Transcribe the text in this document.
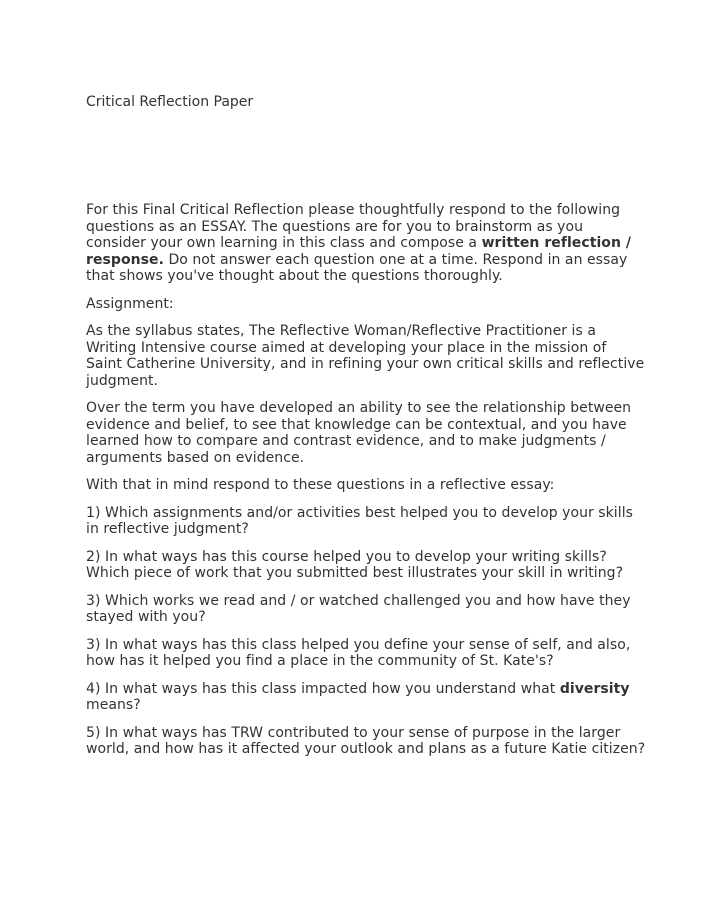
Critical Reflection Paper

For this Final Critical Reflection please thoughtfully respond to the following questions as an ESSAY. The questions are for you to brainstorm as you consider your own learning in this class and compose a written reflection / response. Do not answer each question one at a time. Respond in an essay that shows you've thought about the questions thoroughly.

Assignment:

As the syllabus states, The Reflective Woman/Reflective Practitioner is a Writing Intensive course aimed at developing your place in the mission of Saint Catherine University, and in refining your own critical skills and reflective judgment.

Over the term you have developed an ability to see the relationship between evidence and belief, to see that knowledge can be contextual, and you have learned how to compare and contrast evidence, and to make judgments / arguments based on evidence.

With that in mind respond to these questions in a reflective essay:

1) Which assignments and/or activities best helped you to develop your skills in reflective judgment?

2) In what ways has this course helped you to develop your writing skills? Which piece of work that you submitted best illustrates your skill in writing?

3) Which works we read and / or watched challenged you and how have they stayed with you?

3) In what ways has this class helped you define your sense of self, and also, how has it helped you find a place in the community of St. Kate's?

4) In what ways has this class impacted how you understand what diversity means?

5) In what ways has TRW contributed to your sense of purpose in the larger world, and how has it affected your outlook and plans as a future Katie citizen?
